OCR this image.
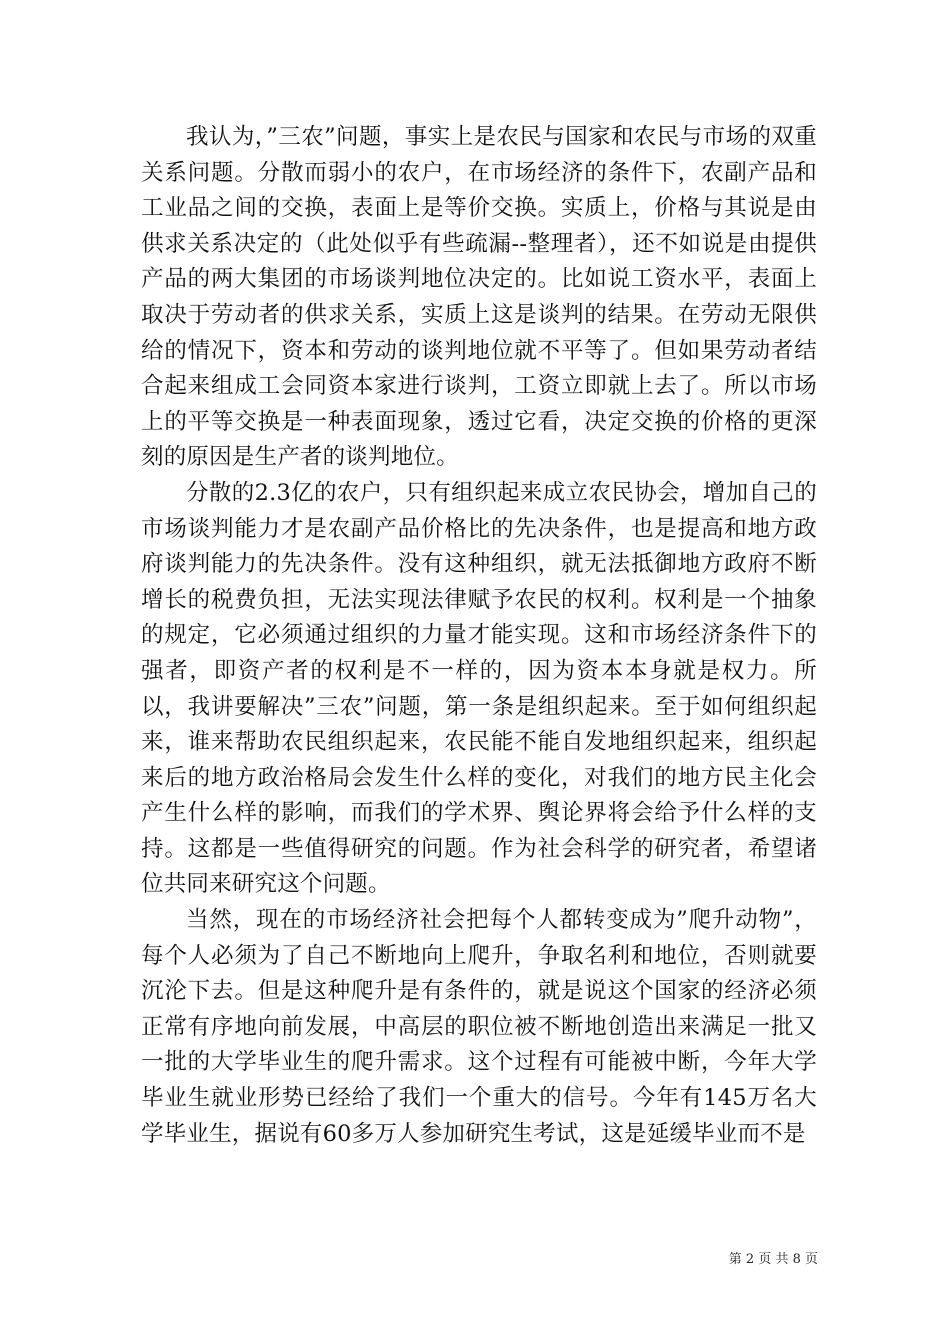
我认为，”三农”问题，事实上是农民与国家和农民与市场的双重关系问题。分散而弱小的农户，在市场经济的条件下，农副产品和工业品之间的交换，表面上是等价交换。实质上，价格与其说是由供求关系决定的（此处似乎有些疏漏--整理者），还不如说是由提供产品的两大集团的市场谈判地位决定的。比如说工资水平，表面上取决于劳动者的供求关系，实质上这是谈判的结果。在劳动无限供给的情况下，资本和劳动的谈判地位就不平等了。但如果劳动者结合起来组成工会同资本家进行谈判，工资立即就上去了。所以市场上的平等交换是一种表面现象，透过它看，决定交换的价格的更深刻的原因是生产者的谈判地位。

分散的2.3亿的农户，只有组织起来成立农民协会，增加自己的市场谈判能力才是农副产品价格比的先决条件，也是提高和地方政府谈判能力的先决条件。没有这种组织，就无法抵御地方政府不断增长的税费负担，无法实现法律赋予农民的权利。权利是一个抽象的规定，它必须通过组织的力量才能实现。这和市场经济条件下的强者，即资产者的权利是不一样的，因为资本本身就是权力。所以，我讲要解决”三农”问题，第一条是组织起来。至于如何组织起来，谁来帮助农民组织起来，农民能不能自发地组织起来，组织起来后的地方政治格局会发生什么样的变化，对我们的地方民主化会产生什么样的影响，而我们的学术界、舆论界将会给予什么样的支持。这都是一些值得研究的问题。作为社会科学的研究者，希望诸位共同来研究这个问题。

当然，现在的市场经济社会把每个人都转变成为”爬升动物”，每个人必须为了自己不断地向上爬升，争取名利和地位，否则就要沉沦下去。但是这种爬升是有条件的，就是说这个国家的经济必须正常有序地向前发展，中高层的职位被不断地创造出来满足一批又一批的大学毕业生的爬升需求。这个过程有可能被中断，今年大学毕业生就业形势已经给了我们一个重大的信号。今年有145万名大学毕业生，据说有60多万人参加研究生考试，这是延缓毕业而不是

第 2 页 共 8 页
